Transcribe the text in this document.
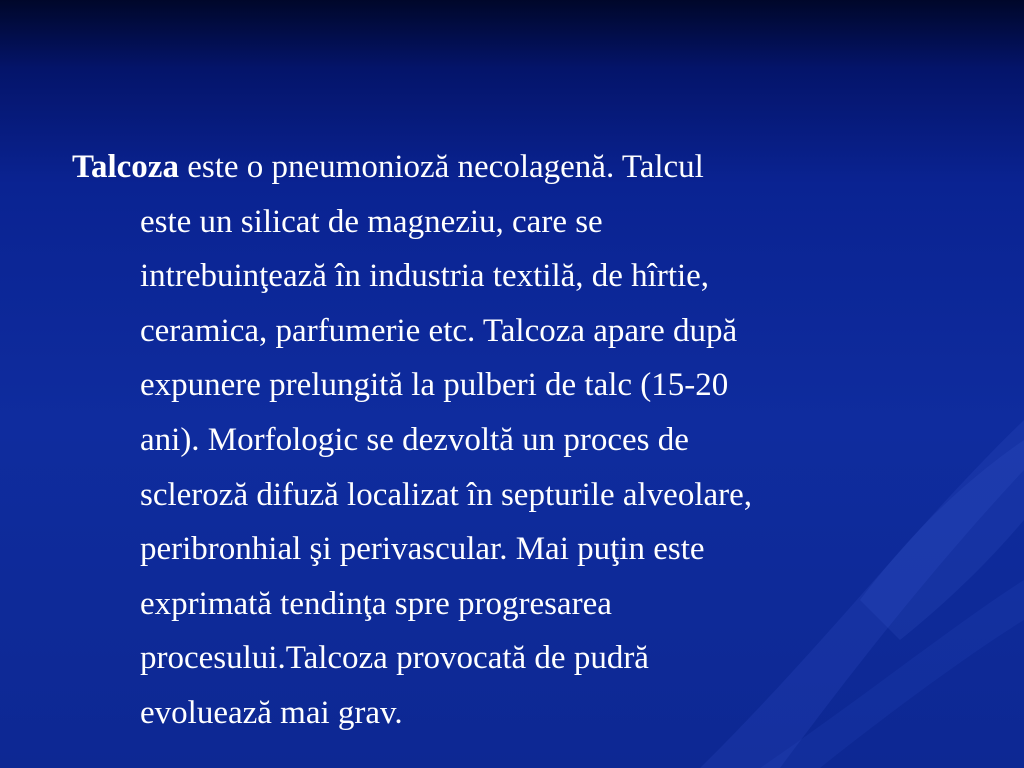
Talcoza este o pneumonioză necolagenă. Talcul
este un silicat de magneziu, care se
intrebuinţează în industria textilă, de hîrtie,
ceramica, parfumerie etc. Talcoza apare după
expunere prelungită la pulberi de talc (15-20
ani). Morfologic se dezvoltă un proces de
scleroză difuză localizat în septurile alveolare,
peribronhial şi perivascular. Mai puţin este
exprimată tendinţa spre progresarea
procesului.Talcoza provocată de pudră
evoluează mai grav.
